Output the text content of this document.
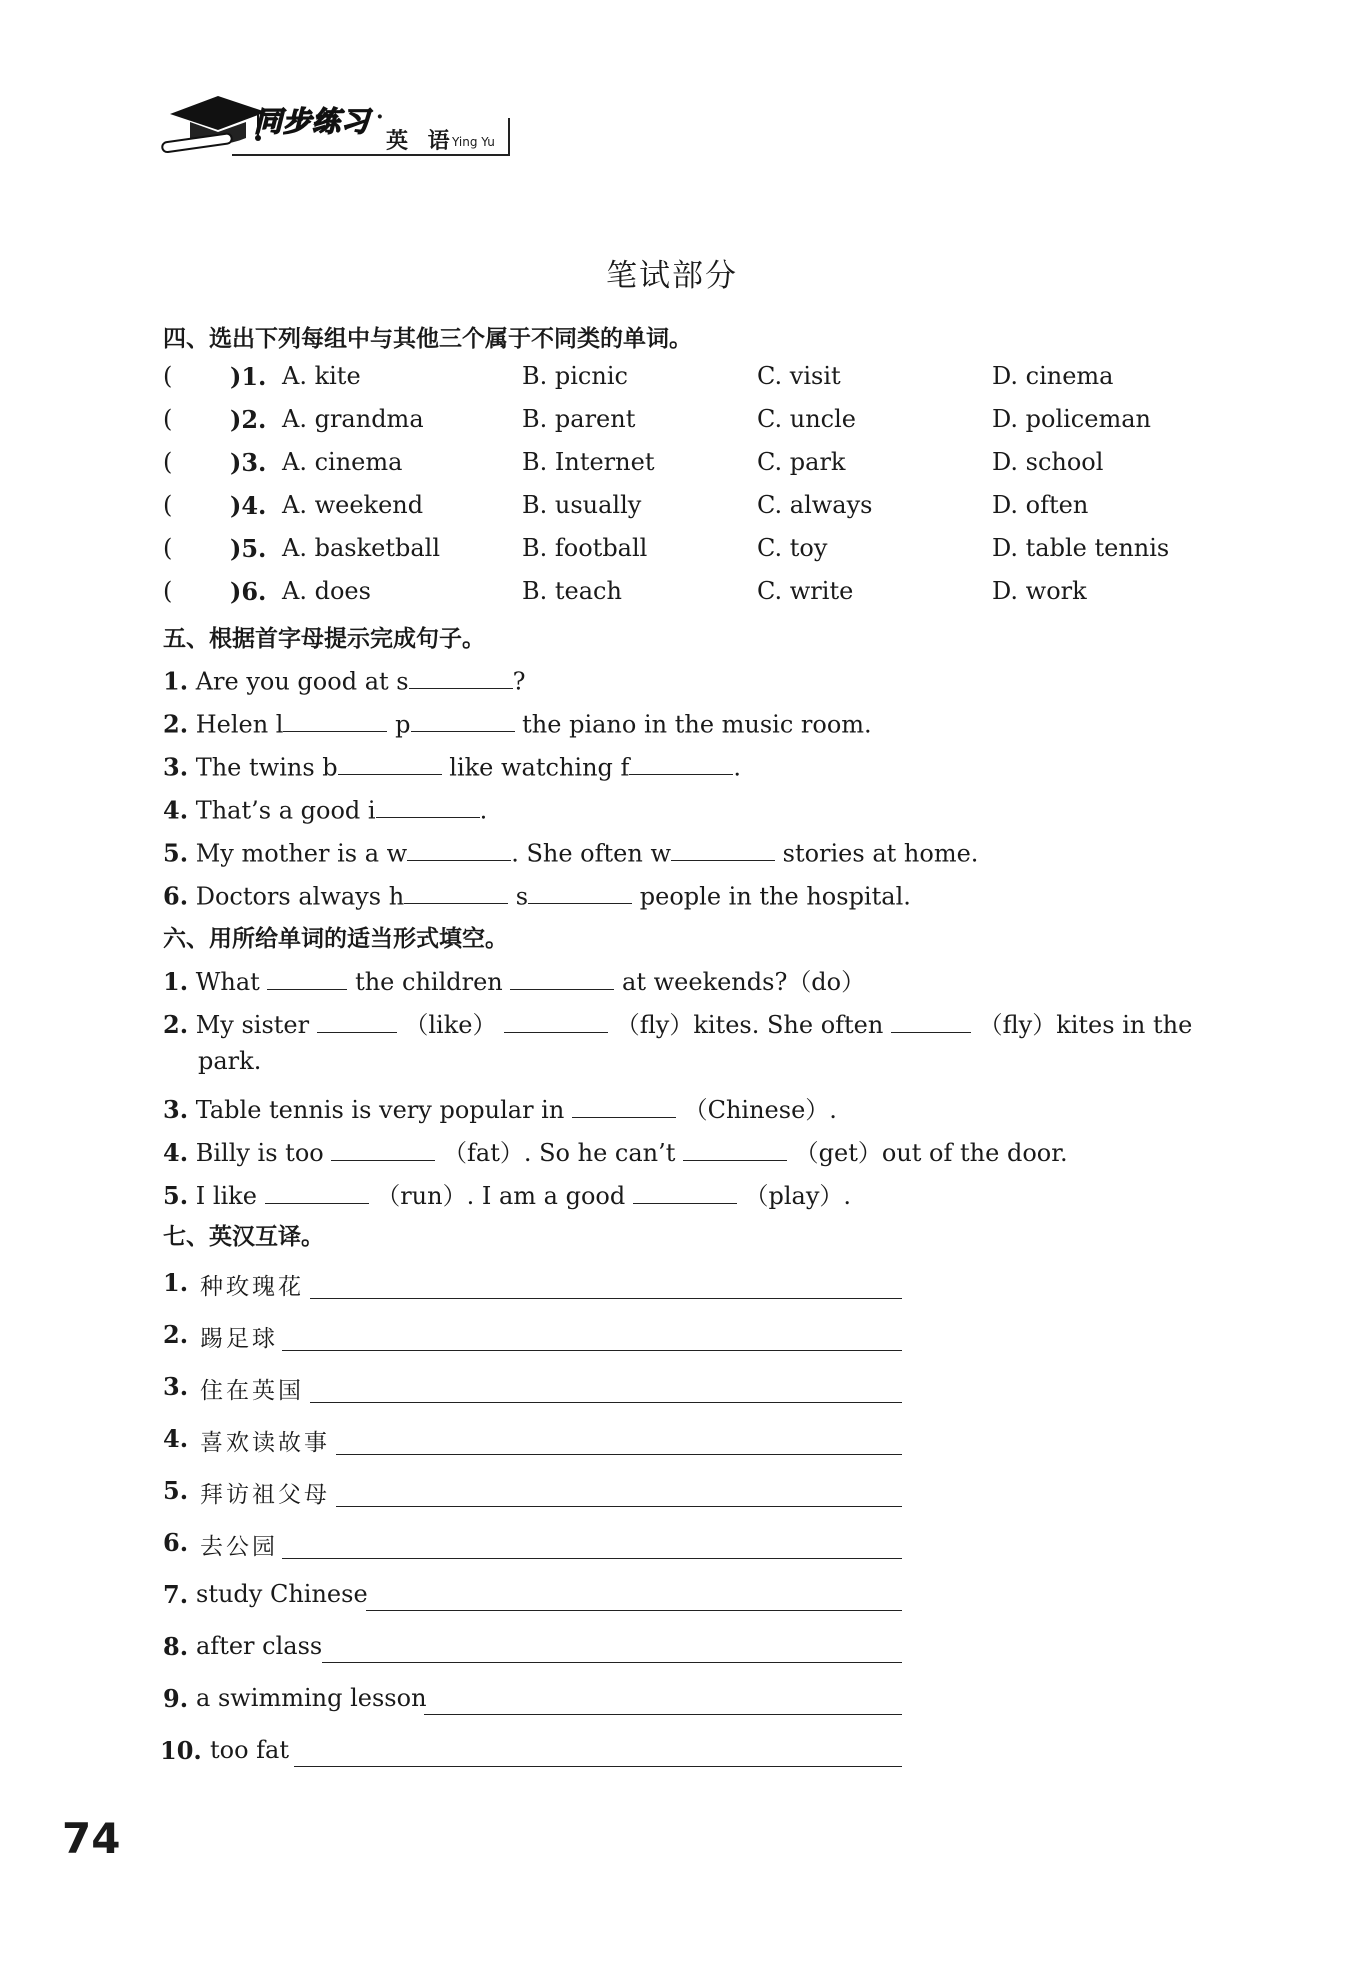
同步练习 ·
英 语
Ying Yu
笔试部分
四、选出下列每组中与其他三个属于不同类的单词。
( )1. A. kite	B. picnic	C. visit	D. cinema
( )2. A. grandma	B. parent	C. uncle	D. policeman
( )3. A. cinema	B. Internet	C. park	D. school
( )4. A. weekend	B. usually	C. always	D. often
( )5. A. basketball	B. football	C. toy	D. table tennis
( )6. A. does	B. teach	C. write	D. work
五、根据首字母提示完成句子。
1. Are you good at s	?
2. Helen l	p	the piano in the music room.
3. The twins b	like watching f	.
4. That’s a good i	.
5. My mother is a w	. She often w	stories at home.
6. Doctors always h	s	people in the hospital.
六、用所给单词的适当形式填空。
1. What	the children	at weekends?（do）
2. My sister	（like）	（fly）kites. She often	（fly）kites in the
park.
3. Table tennis is very popular in	（Chinese）.
4. Billy is too	（fat）. So he can’t	（get）out of the door.
5. I like	（run）. I am a good	（play）.
七、英汉互译。
1. 种玫瑰花
2. 踢足球
3. 住在英国
4. 喜欢读故事
5. 拜访祖父母
6. 去公园
7. study Chinese
8. after class
9. a swimming lesson
10. too fat
74
